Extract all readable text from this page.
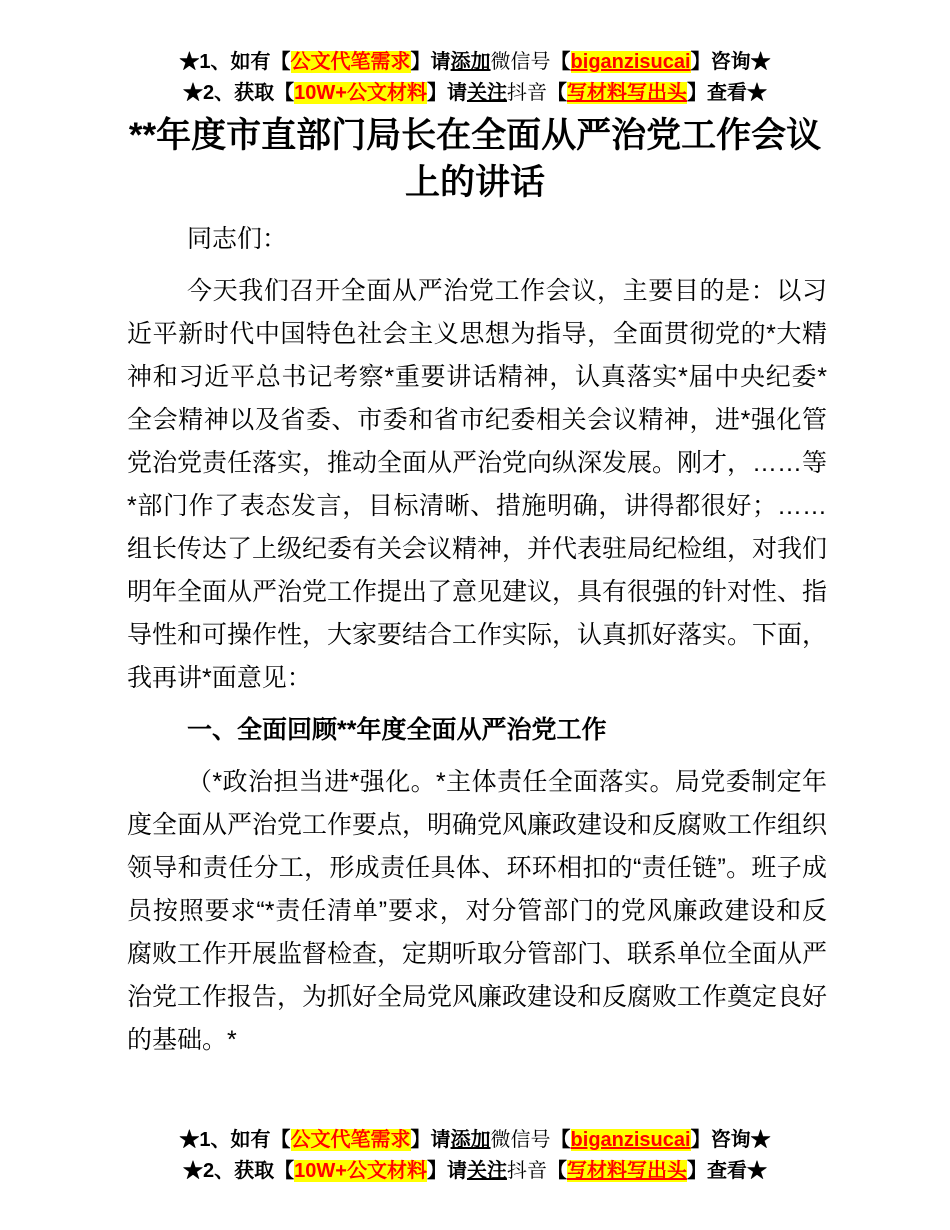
★1、如有【公文代笔需求】请添加微信号【biganzisucai】咨询★
★2、获取【10W+公文材料】请关注抖音【写材料写出头】查看★
**年度市直部门局长在全面从严治党工作会议
上的讲话

同志们：

今天我们召开全面从严治党工作会议，主要目的是：以习近平新时代中国特色社会主义思想为指导，全面贯彻党的*大精神和习近平总书记考察*重要讲话精神，认真落实*届中央纪委*全会精神以及省委、市委和省市纪委相关会议精神，进*强化管党治党责任落实，推动全面从严治党向纵深发展。刚才，……等*部门作了表态发言，目标清晰、措施明确，讲得都很好；……组长传达了上级纪委有关会议精神，并代表驻局纪检组，对我们明年全面从严治党工作提出了意见建议，具有很强的针对性、指导性和可操作性，大家要结合工作实际，认真抓好落实。下面，我再讲*面意见：

一、全面回顾**年度全面从严治党工作

（*政治担当进*强化。*主体责任全面落实。局党委制定年度全面从严治党工作要点，明确党风廉政建设和反腐败工作组织领导和责任分工，形成责任具体、环环相扣的“责任链”。班子成员按照要求“*责任清单”要求，对分管部门的党风廉政建设和反腐败工作开展监督检查，定期听取分管部门、联系单位全面从严治党工作报告，为抓好全局党风廉政建设和反腐败工作奠定良好的基础。*

★1、如有【公文代笔需求】请添加微信号【biganzisucai】咨询★
★2、获取【10W+公文材料】请关注抖音【写材料写出头】查看★
